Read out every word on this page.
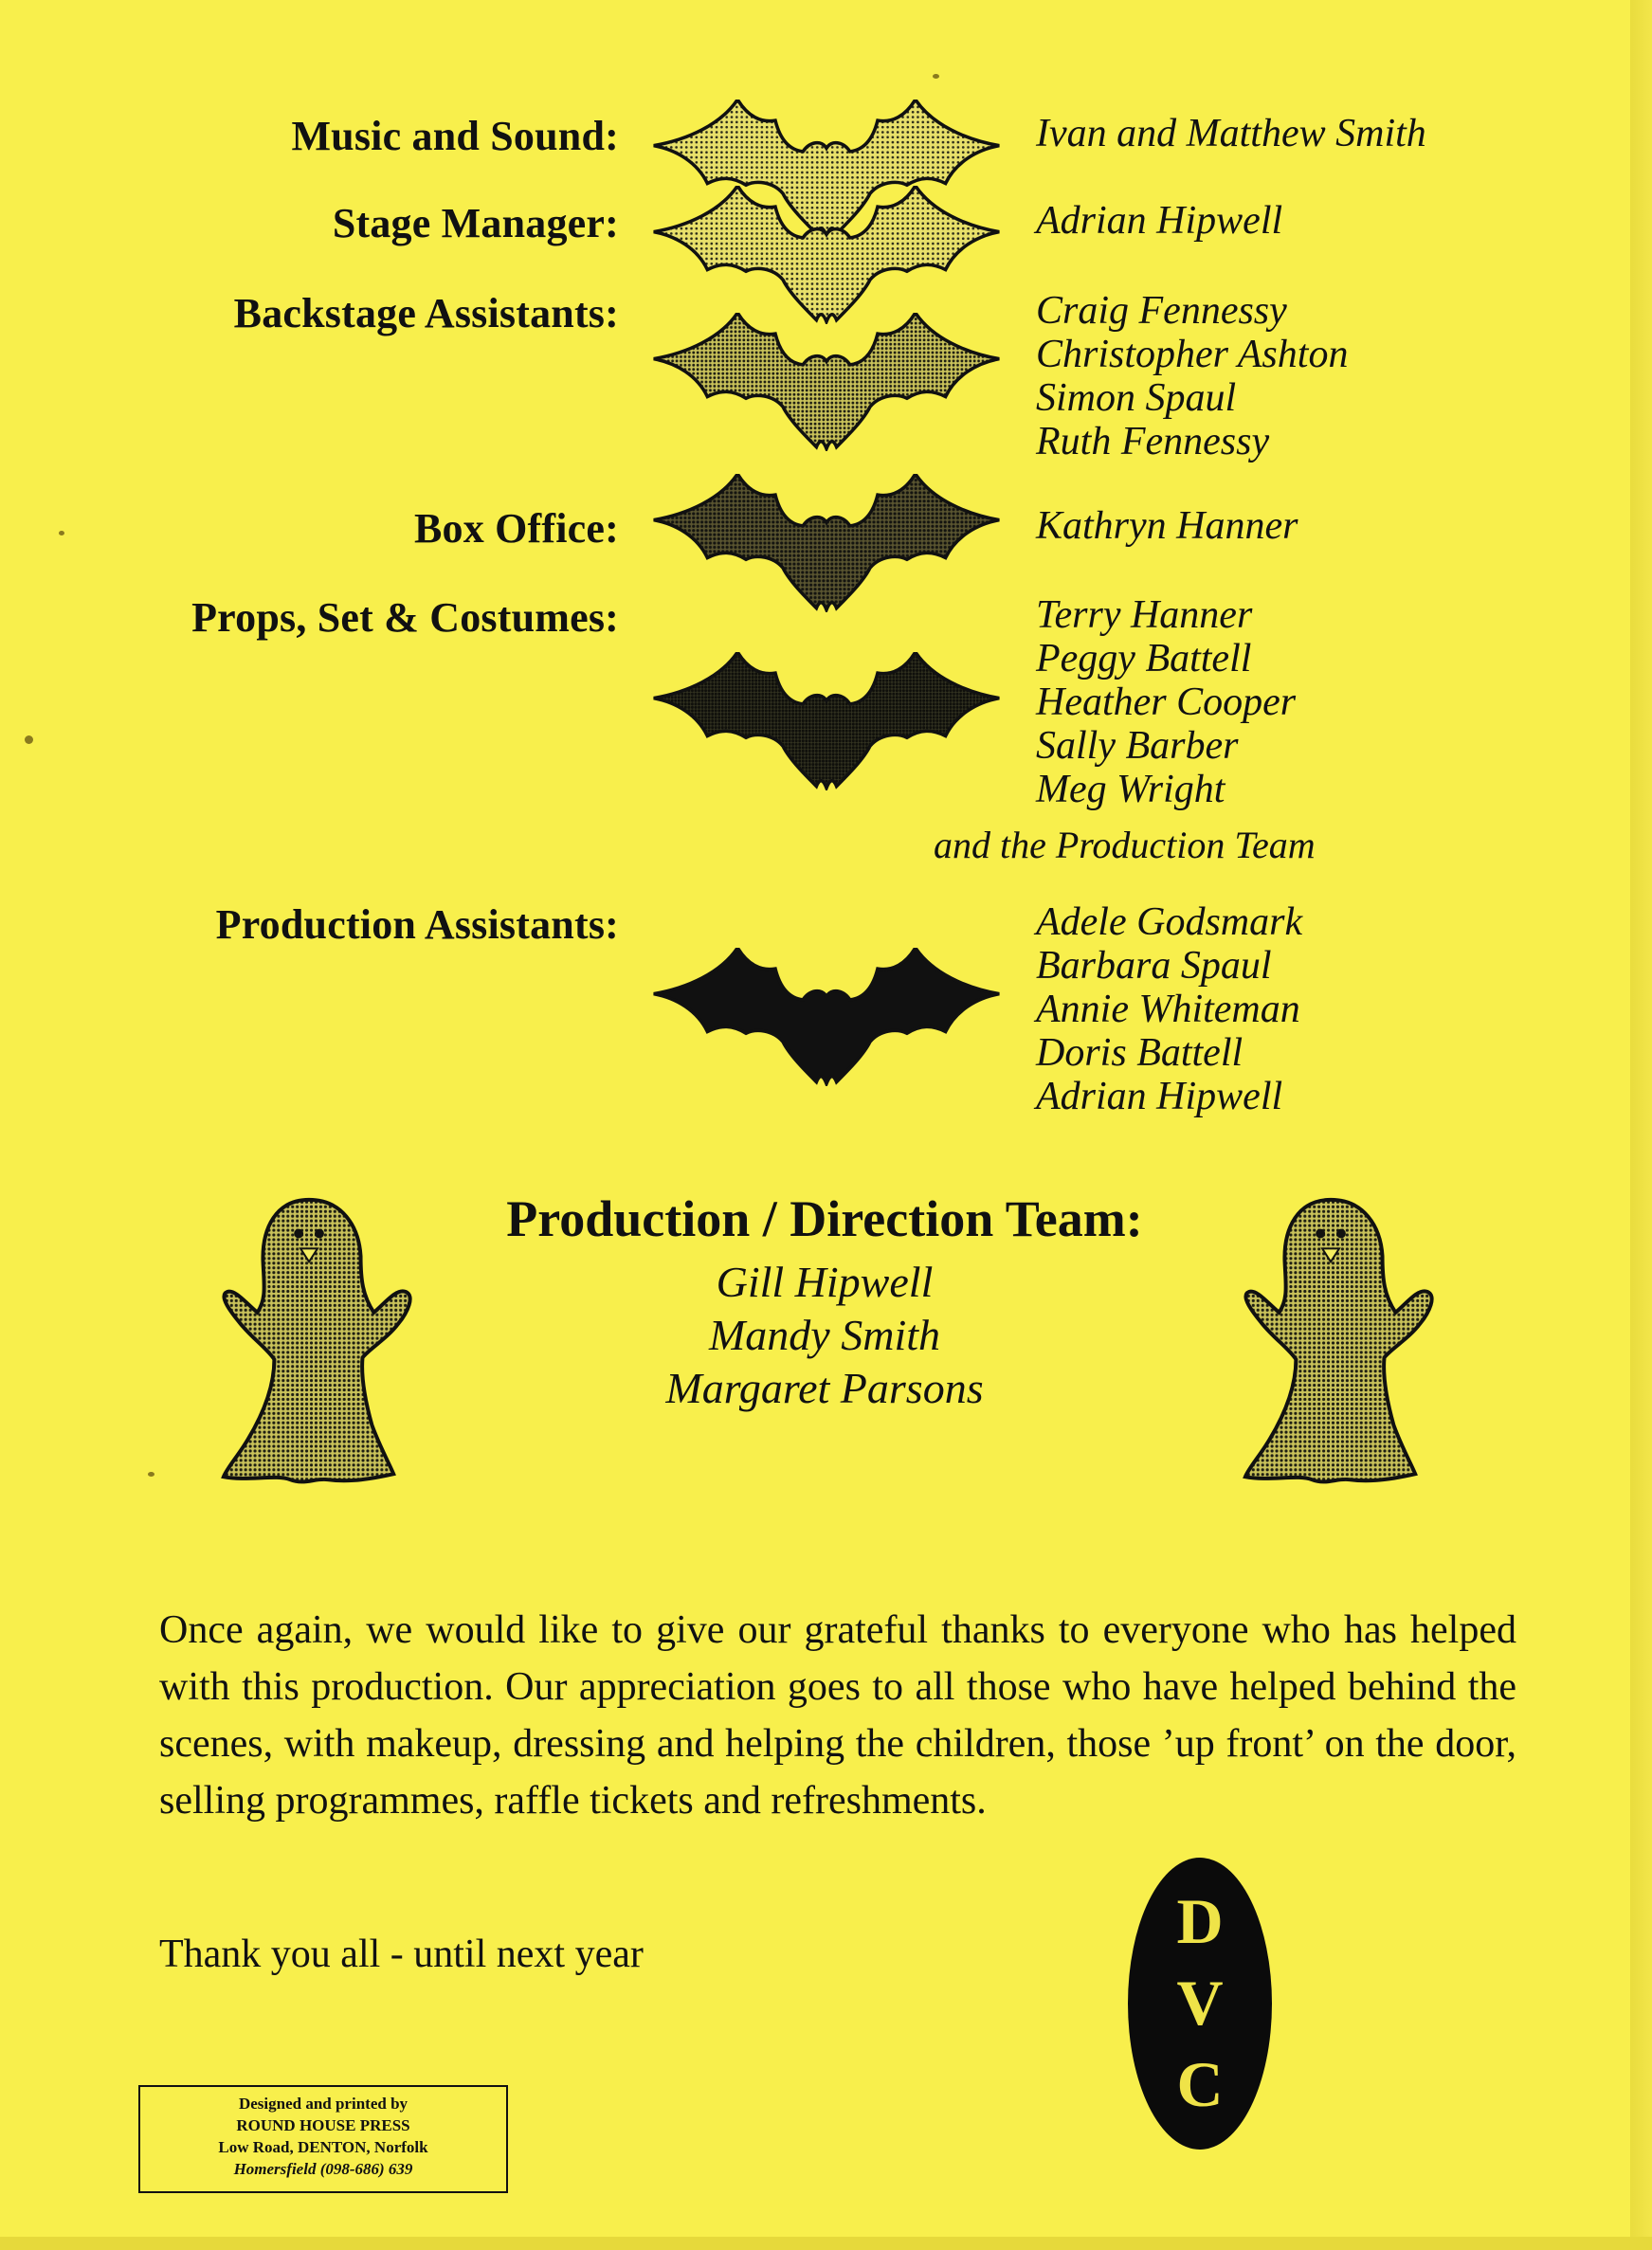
Music and Sound:
Stage Manager:
Backstage Assistants:
Box Office:
Props, Set & Costumes:
Production Assistants:
Ivan and Matthew Smith
Adrian Hipwell
Craig Fennessy
Christopher Ashton
Simon Spaul
Ruth Fennessy
Kathryn Hanner
Terry Hanner
Peggy Battell
Heather Cooper
Sally Barber
Meg Wright
and the Production Team
Adele Godsmark
Barbara Spaul
Annie Whiteman
Doris Battell
Adrian Hipwell
Production / Direction Team:
Gill Hipwell
Mandy Smith
Margaret Parsons
Once again, we would like to give our grateful thanks to everyone who has helped with this production. Our appreciation goes to all those who have helped behind the scenes, with makeup, dressing and helping the children, those ’up front’ on the door, selling programmes, raffle tickets and refreshments.
Thank you all - until next year
Designed and printed by
ROUND HOUSE PRESS
Low Road, DENTON, Norfolk
Homersfield (098-686) 639
D
V
C
